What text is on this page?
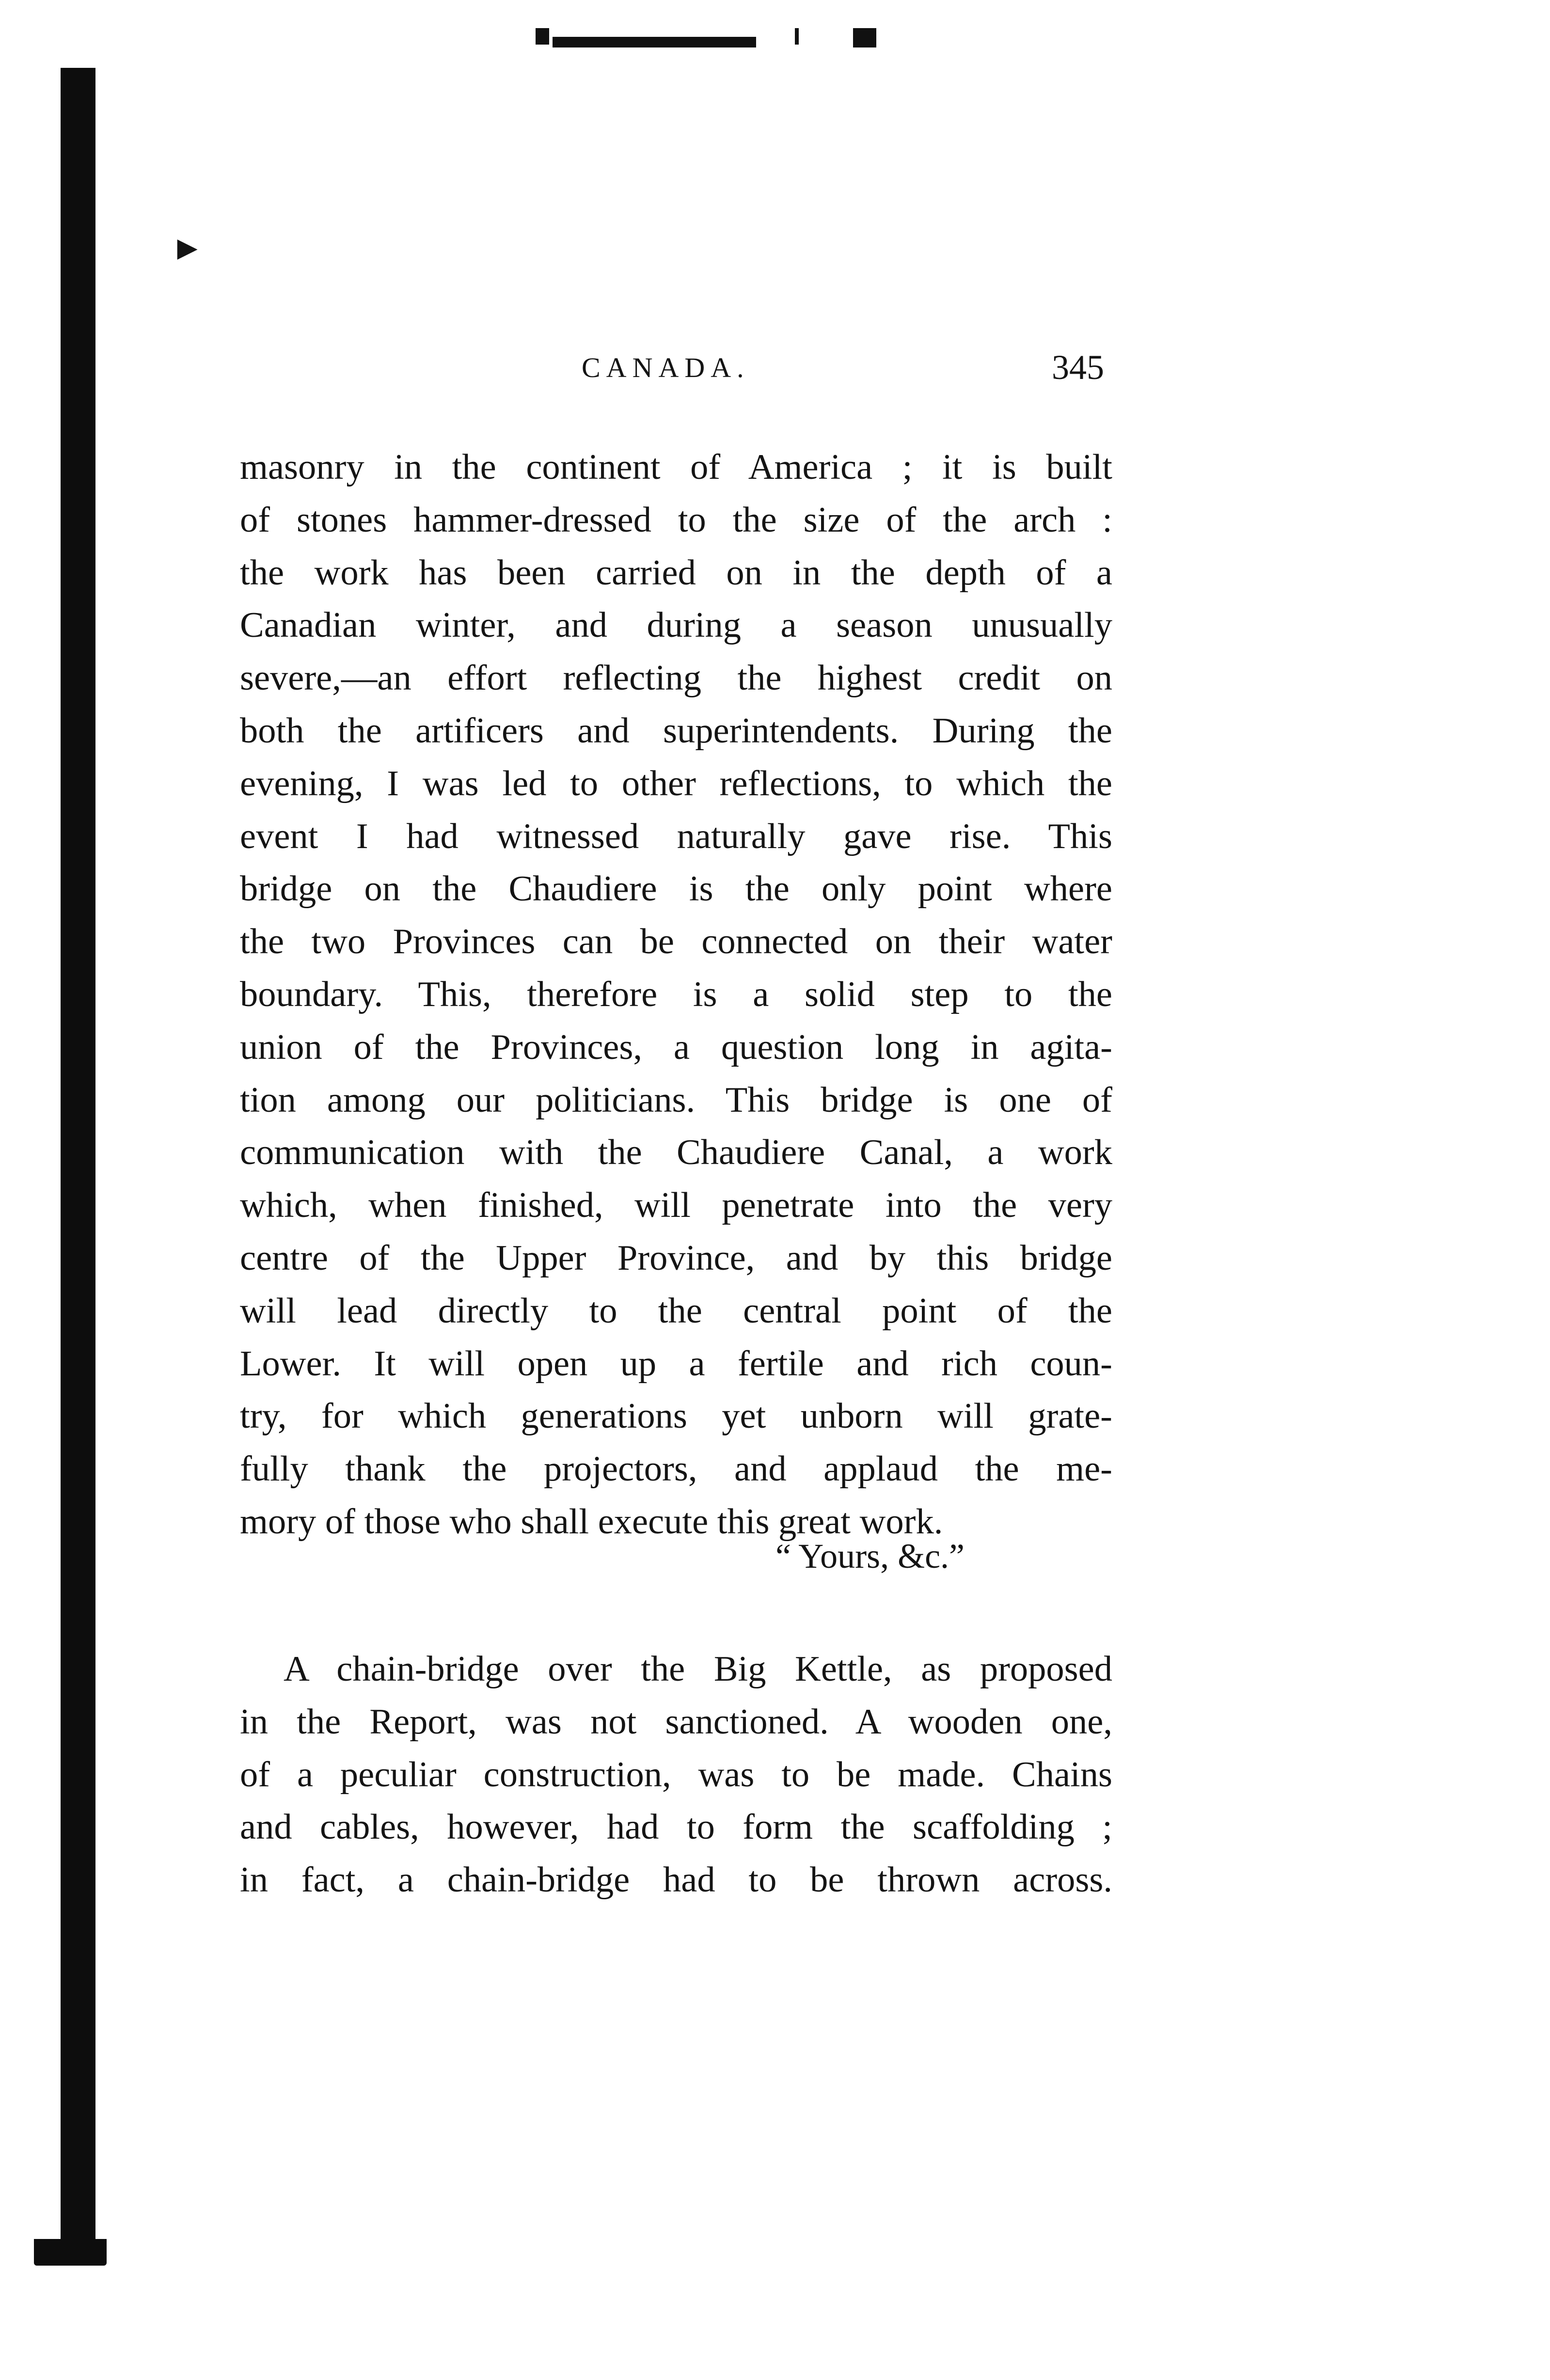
►
CANADA.	345
masonry in the continent of America ; it is built
of stones hammer-dressed to the size of the arch :
the work has been carried on in the depth of a
Canadian winter, and during a season unusually
severe,—an effort reflecting the highest credit on
both the artificers and superintendents. During the
evening, I was led to other reflections, to which the
event I had witnessed naturally gave rise. This
bridge on the Chaudiere is the only point where
the two Provinces can be connected on their water
boundary. This, therefore is a solid step to the
union of the Provinces, a question long in agita-
tion among our politicians. This bridge is one of
communication with the Chaudiere Canal, a work
which, when finished, will penetrate into the very
centre of the Upper Province, and by this bridge
will lead directly to the central point of the
Lower. It will open up a fertile and rich coun-
try, for which generations yet unborn will grate-
fully thank the projectors, and applaud the me-
mory of those who shall execute this great work.
“ Yours, &c.”
A chain-bridge over the Big Kettle, as proposed
in the Report, was not sanctioned. A wooden one,
of a peculiar construction, was to be made. Chains
and cables, however, had to form the scaffolding ;
in fact, a chain-bridge had to be thrown across.
